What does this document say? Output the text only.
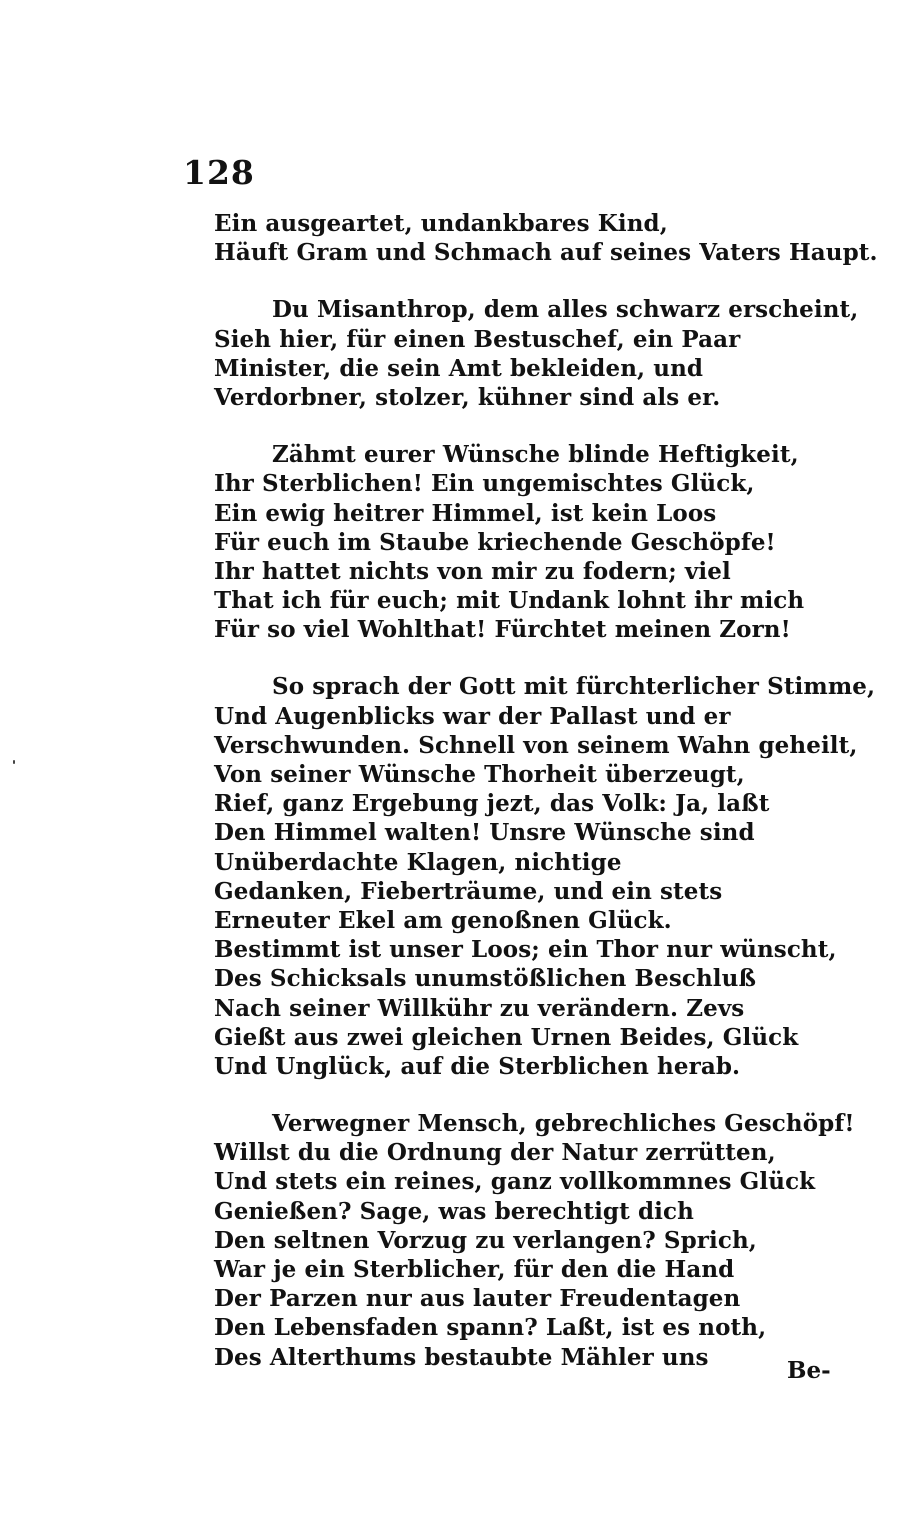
128
Ein ausgeartet, undankbares Kind,
Häuft Gram und Schmach auf seines Vaters Haupt.
Du Misanthrop, dem alles schwarz erscheint,
Sieh hier, für einen Bestuschef, ein Paar
Minister, die sein Amt bekleiden, und
Verdorbner, stolzer, kühner sind als er.
Zähmt eurer Wünsche blinde Heftigkeit,
Ihr Sterblichen! Ein ungemischtes Glück,
Ein ewig heitrer Himmel, ist kein Loos
Für euch im Staube kriechende Geschöpfe!
Ihr hattet nichts von mir zu fodern; viel
That ich für euch; mit Undank lohnt ihr mich
Für so viel Wohlthat! Fürchtet meinen Zorn!
So sprach der Gott mit fürchterlicher Stimme,
Und Augenblicks war der Pallast und er
Verschwunden. Schnell von seinem Wahn geheilt,
Von seiner Wünsche Thorheit überzeugt,
Rief, ganz Ergebung jezt, das Volk: Ja, laßt
Den Himmel walten! Unsre Wünsche sind
Unüberdachte Klagen, nichtige
Gedanken, Fieberträume, und ein stets
Erneuter Ekel am genoßnen Glück.
Bestimmt ist unser Loos; ein Thor nur wünscht,
Des Schicksals unumstößlichen Beschluß
Nach seiner Willkühr zu verändern. Zevs
Gießt aus zwei gleichen Urnen Beides, Glück
Und Unglück, auf die Sterblichen herab.
Verwegner Mensch, gebrechliches Geschöpf!
Willst du die Ordnung der Natur zerrütten,
Und stets ein reines, ganz vollkommnes Glück
Genießen? Sage, was berechtigt dich
Den seltnen Vorzug zu verlangen? Sprich,
War je ein Sterblicher, für den die Hand
Der Parzen nur aus lauter Freudentagen
Den Lebensfaden spann? Laßt, ist es noth,
Des Alterthums bestaubte Mähler uns	Be-
